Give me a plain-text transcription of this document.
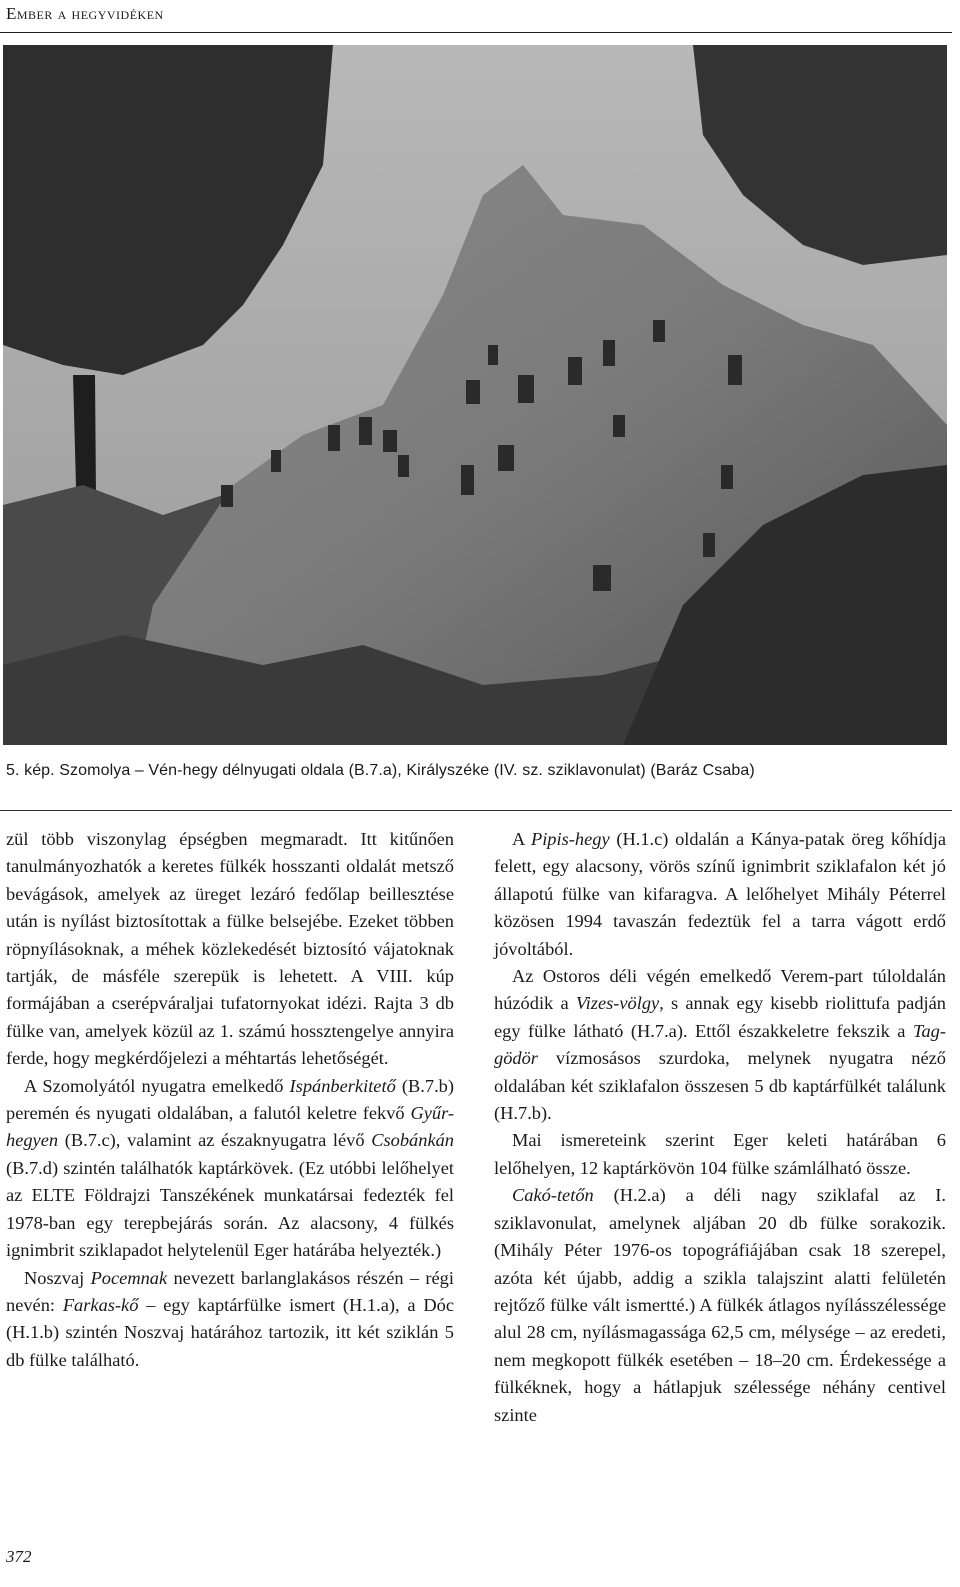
Ember a hegyvidéken
5. kép. Szomolya – Vén-hegy délnyugati oldala (B.7.a), Királyszéke (IV. sz. sziklavonulat) (Baráz Csaba)

zül több viszonylag épségben megmaradt. Itt kitűnően tanulmányozhatók a keretes fülkék hosszanti oldalát metsző bevágások, amelyek az üreget lezáró fedőlap beillesztése után is nyílást biztosítottak a fülke belsejébe. Ezeket többen röpnyílásoknak, a méhek közlekedését biztosító vájatoknak tartják, de másféle szerepük is lehetett. A VIII. kúp formájában a cserépváraljai tufatornyokat idézi. Rajta 3 db fülke van, amelyek közül az 1. számú hossztengelye annyira ferde, hogy megkérdőjelezi a méhtartás lehetőségét.

A Szomolyától nyugatra emelkedő Ispánberkitető (B.7.b) peremén és nyugati oldalában, a falutól keletre fekvő Gyűr-hegyen (B.7.c), valamint az északnyugatra lévő Csobánkán (B.7.d) szintén találhatók kaptárkövek. (Ez utóbbi lelőhelyet az ELTE Földrajzi Tanszékének munkatársai fedezték fel 1978-ban egy terepbejárás során. Az alacsony, 4 fülkés ignimbrit sziklapadot helytelenül Eger határába helyezték.)

Noszvaj Pocemnak nevezett barlanglakásos részén – régi nevén: Farkas-kő – egy kaptárfülke ismert (H.1.a), a Dóc (H.1.b) szintén Noszvaj határához tartozik, itt két sziklán 5 db fülke található.

A Pipis-hegy (H.1.c) oldalán a Kánya-patak öreg kőhídja felett, egy alacsony, vörös színű ignimbrit sziklafalon két jó állapotú fülke van kifaragva. A lelőhelyet Mihály Péterrel közösen 1994 tavaszán fedeztük fel a tarra vágott erdő jóvoltából.

Az Ostoros déli végén emelkedő Verem-part túloldalán húzódik a Vizes-völgy, s annak egy kisebb riolittufa padján egy fülke látható (H.7.a). Ettől északkeletre fekszik a Tag-gödör vízmosásos szurdoka, melynek nyugatra néző oldalában két sziklafalon összesen 5 db kaptárfülkét találunk (H.7.b).

Mai ismereteink szerint Eger keleti határában 6 lelőhelyen, 12 kaptárkövön 104 fülke számlálható össze.

Cakó-tetőn (H.2.a) a déli nagy sziklafal az I. sziklavonulat, amelynek aljában 20 db fülke sorakozik. (Mihály Péter 1976-os topográfiájában csak 18 szerepel, azóta két újabb, addig a szikla talajszint alatti felületén rejtőző fülke vált ismertté.) A fülkék átlagos nyílásszélessége alul 28 cm, nyílásmagassága 62,5 cm, mélysége – az eredeti, nem megkopott fülkék esetében – 18–20 cm. Érdekessége a fülkéknek, hogy a hátlapjuk szélessége néhány centivel szinte

372
